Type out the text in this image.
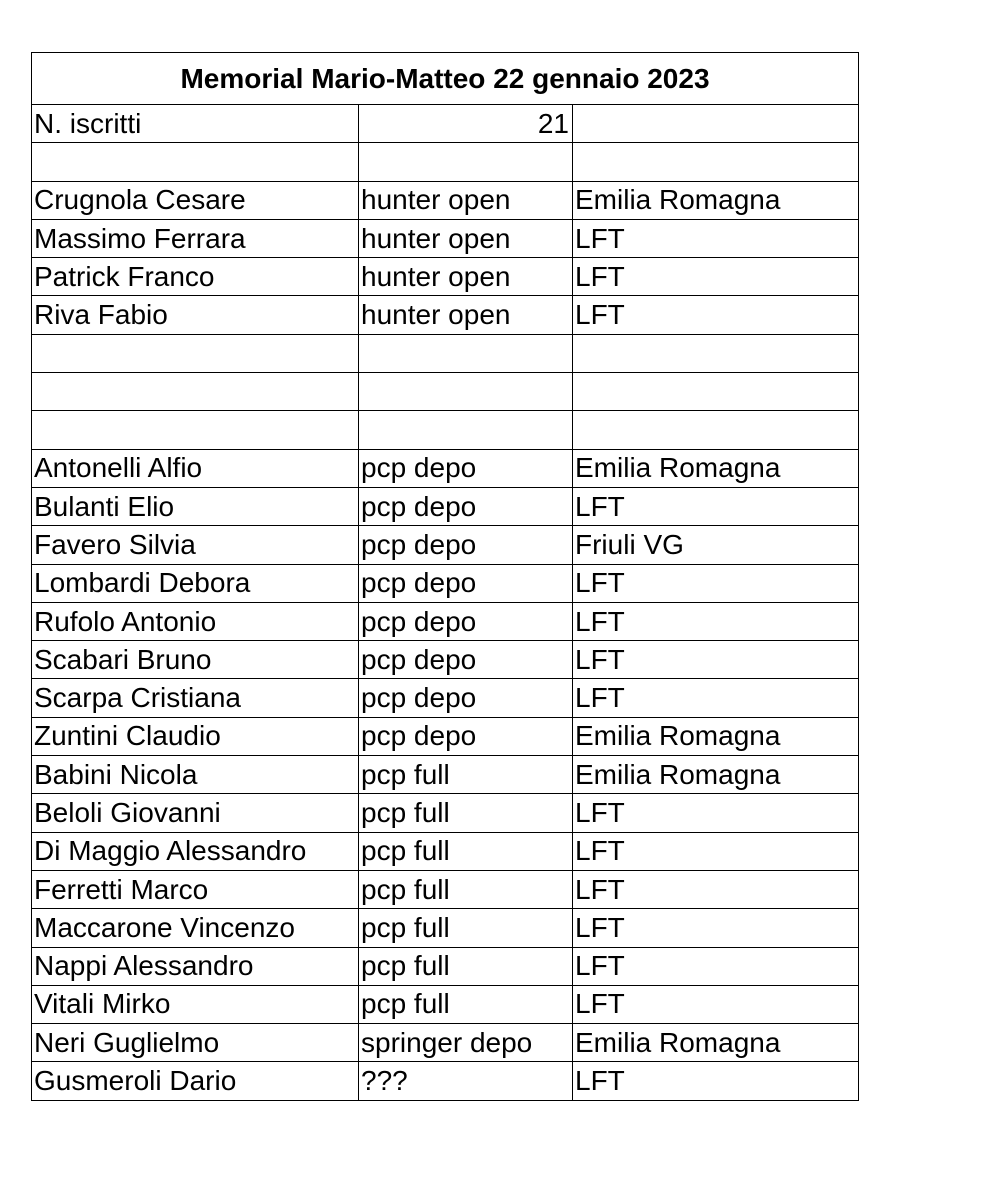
Memorial Mario-Matteo 22 gennaio 2023		
N. iscritti	21	

Crugnola Cesare	hunter open	Emilia Romagna
Massimo Ferrara	hunter open	LFT
Patrick Franco	hunter open	LFT
Riva Fabio	hunter open	LFT

Antonelli Alfio	pcp depo	Emilia Romagna
Bulanti Elio	pcp depo	LFT
Favero Silvia	pcp depo	Friuli VG
Lombardi Debora	pcp depo	LFT
Rufolo Antonio	pcp depo	LFT
Scabari Bruno	pcp depo	LFT
Scarpa Cristiana	pcp depo	LFT
Zuntini Claudio	pcp depo	Emilia Romagna
Babini Nicola	pcp full	Emilia Romagna
Beloli Giovanni	pcp full	LFT
Di Maggio Alessandro	pcp full	LFT
Ferretti Marco	pcp full	LFT
Maccarone Vincenzo	pcp full	LFT
Nappi Alessandro	pcp full	LFT
Vitali Mirko	pcp full	LFT
Neri Guglielmo	springer depo	Emilia Romagna
Gusmeroli Dario	???	LFT
